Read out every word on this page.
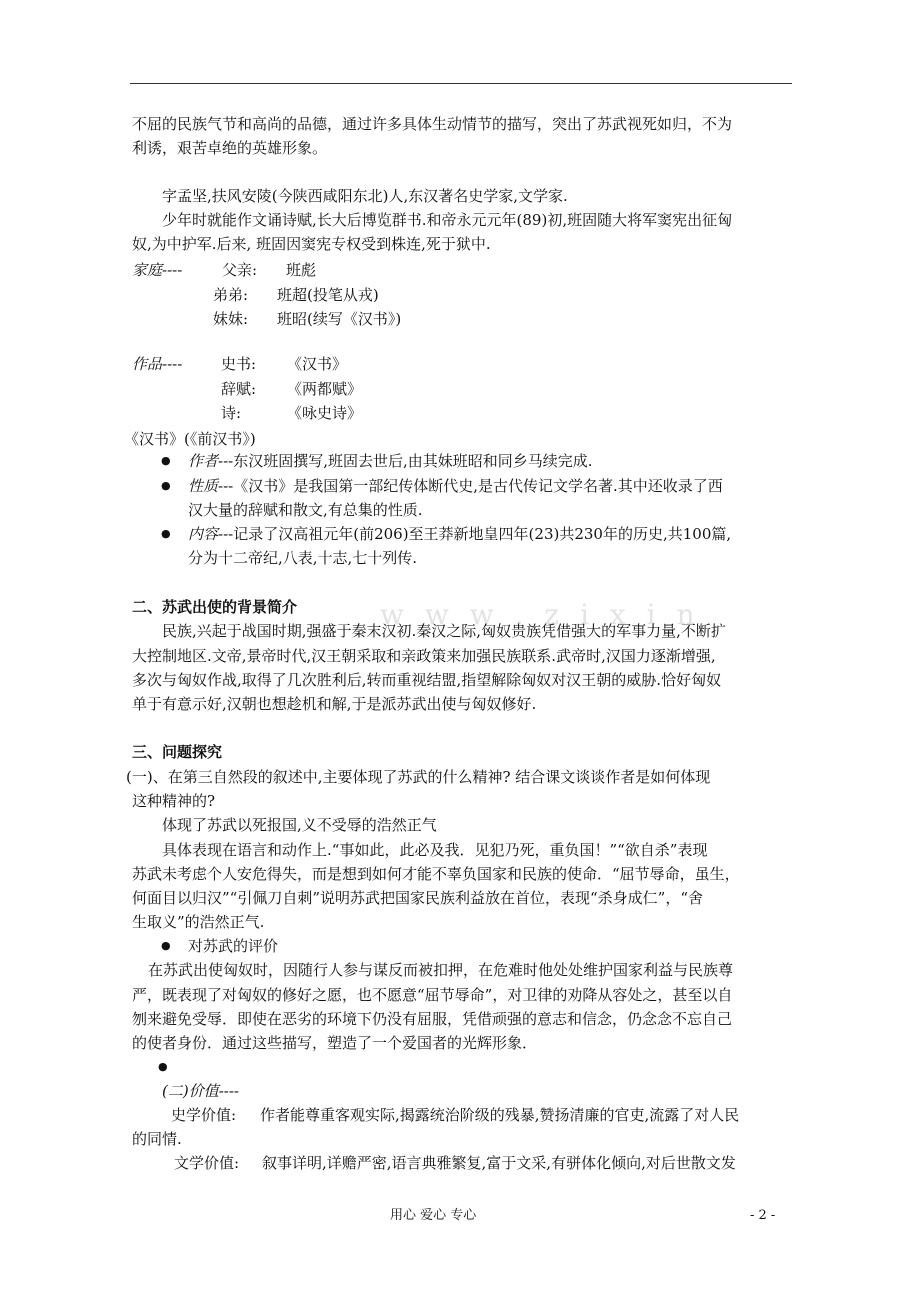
w w w . z i x i n
不屈的民族气节和高尚的品德，通过许多具体生动情节的描写，突出了苏武视死如归，不为
利诱，艰苦卓绝的英雄形象。
字孟坚,扶风安陵(今陕西咸阳东北)人,东汉著名史学家,文学家.
少年时就能作文诵诗赋,长大后博览群书.和帝永元元年(89)初,班固随大将军窦宪出征匈
奴,为中护军.后来, 班固因窦宪专权受到株连,死于狱中.
家庭----	父亲: 班彪
弟弟: 班超(投笔从戎)
妹妹: 班昭(续写《汉书》)
作品----	史书: 《汉书》
辞赋: 《两都赋》
诗:	《咏史诗》
《汉书》(《前汉书》)
● 作者---东汉班固撰写,班固去世后,由其妹班昭和同乡马续完成.
● 性质---《汉书》是我国第一部纪传体断代史,是古代传记文学名著.其中还收录了西
汉大量的辞赋和散文,有总集的性质.
● 内容---记录了汉高祖元年(前206)至王莽新地皇四年(23)共230年的历史,共100篇,
分为十二帝纪,八表,十志,七十列传.
二、苏武出使的背景简介
民族,兴起于战国时期,强盛于秦末汉初.秦汉之际,匈奴贵族凭借强大的军事力量,不断扩
大控制地区.文帝,景帝时代,汉王朝采取和亲政策来加强民族联系.武帝时,汉国力逐渐增强,
多次与匈奴作战,取得了几次胜利后,转而重视结盟,指望解除匈奴对汉王朝的威胁.恰好匈奴
单于有意示好,汉朝也想趁机和解,于是派苏武出使与匈奴修好.
三、问题探究
(一)、在第三自然段的叙述中,主要体现了苏武的什么精神? 结合课文谈谈作者是如何体现
这种精神的?
体现了苏武以死报国,义不受辱的浩然正气
具体表现在语言和动作上.“事如此，此必及我．见犯乃死，重负国！”“欲自杀”表现
苏武未考虑个人安危得失，而是想到如何才能不辜负国家和民族的使命．“屈节辱命，虽生，
何面目以归汉”“引佩刀自刺”说明苏武把国家民族利益放在首位，表现“杀身成仁”，“舍
生取义”的浩然正气.
● 对苏武的评价
在苏武出使匈奴时，因随行人参与谋反而被扣押，在危难时他处处维护国家利益与民族尊
严，既表现了对匈奴的修好之愿，也不愿意“屈节辱命”，对卫律的劝降从容处之，甚至以自
刎来避免受辱．即使在恶劣的环境下仍没有屈服，凭借顽强的意志和信念，仍念念不忘自己
的使者身份．通过这些描写，塑造了一个爱国者的光辉形象．
●
(二)价值----
史学价值: 作者能尊重客观实际,揭露统治阶级的残暴,赞扬清廉的官吏,流露了对人民
的同情.
文学价值: 叙事详明,详赡严密,语言典雅繁复,富于文采,有骈体化倾向,对后世散文发
用心 爱心 专心	- 2 -
